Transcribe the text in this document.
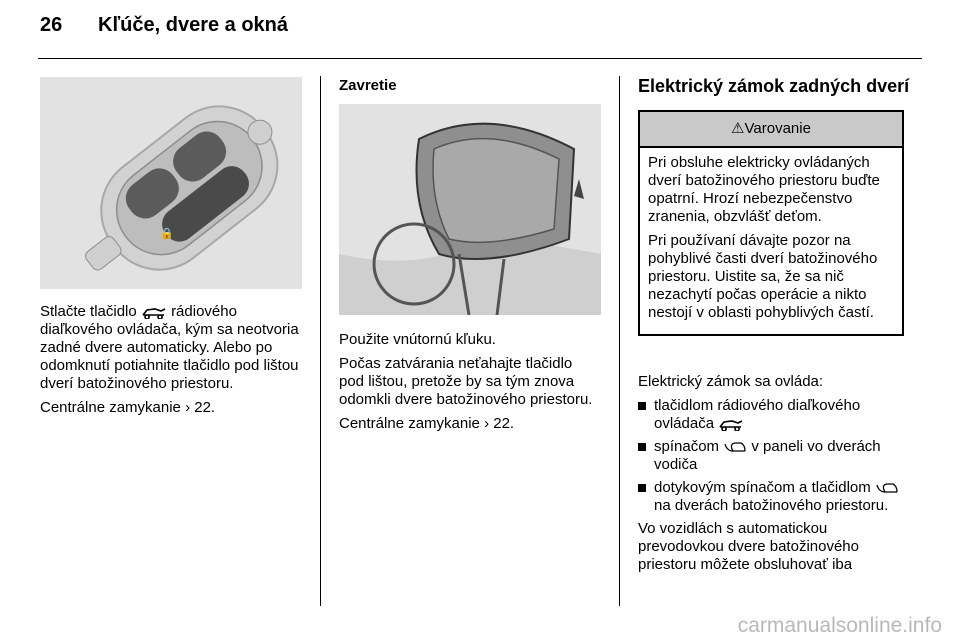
26 Kľúče, dvere a okná
🔒

Stlačte tlačidlo rádiového diaľkového ovládača, kým sa neotvoria zadné dvere automaticky. Alebo po odomknutí potiahnite tlačidlo pod lištou dverí batožinového priestoru.

Centrálne zamykanie › 22.

Zavretie

Použite vnútornú kľuku.

Počas zatvárania neťahajte tlačidlo pod lištou, pretože by sa tým znova odomkli dvere batožinového priestoru.

Centrálne zamykanie › 22.

Elektrický zámok zadných dverí
⚠Varovanie

Pri obsluhe elektricky ovládaných dverí batožinového priestoru buďte opatrní. Hrozí nebezpečenstvo zranenia, obzvlášť deťom.

Pri používaní dávajte pozor na pohyblivé časti dverí batožinového priestoru. Uistite sa, že sa nič nezachytí počas operácie a nikto nestojí v oblasti pohyblivých častí.

Elektrický zámok sa ovláda:

tlačidlom rádiového diaľkového ovládača
spínačom v paneli vo dverách vodiča
dotykovým spínačom a tlačidlom  na dverách batožinového priestoru.

Vo vozidlách s automatickou prevodovkou dvere batožinového priestoru môžete obsluhovať iba

carmanualsonline.info
